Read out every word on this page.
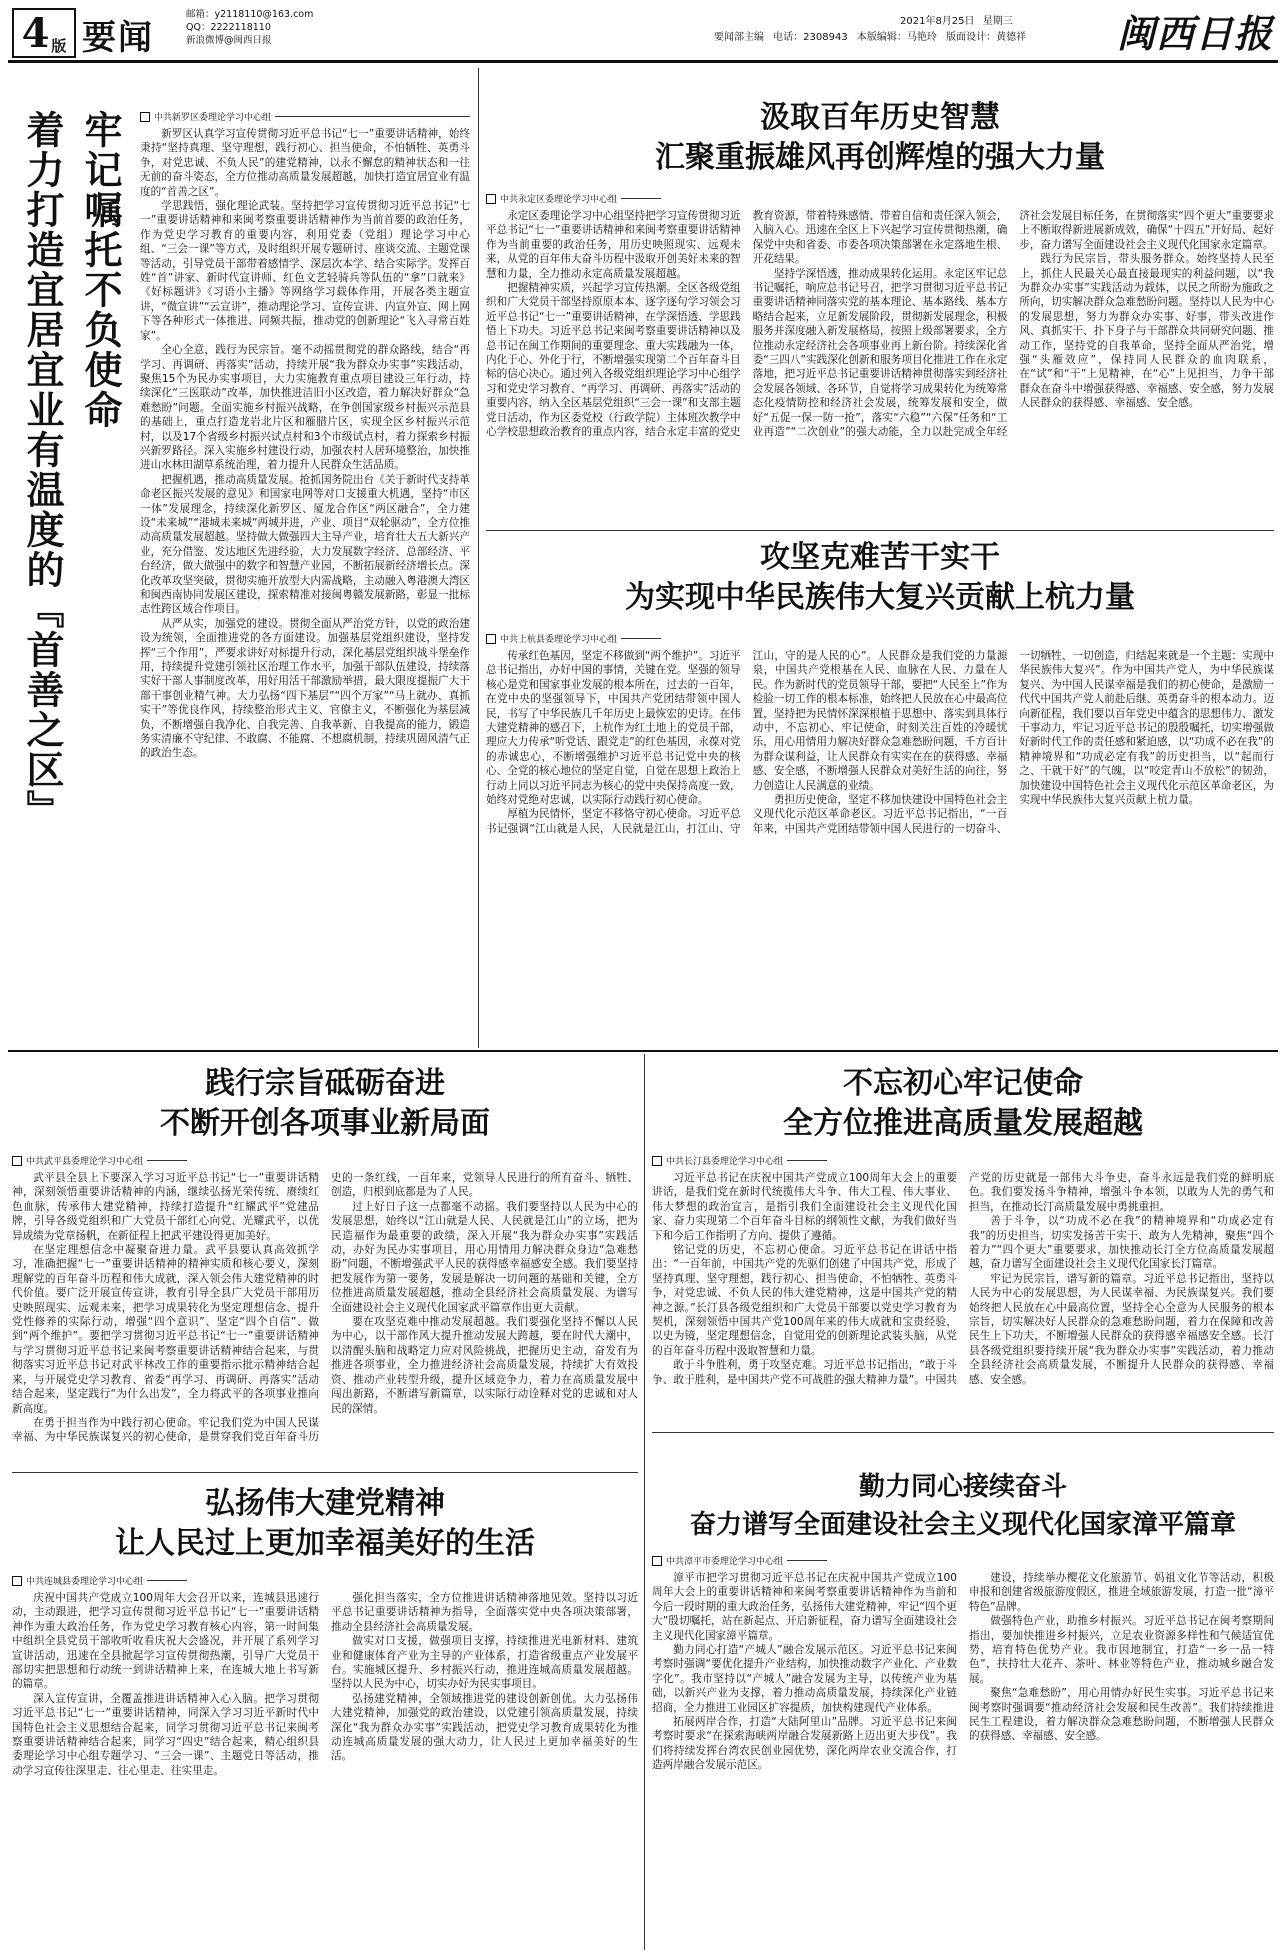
4 版 要闻
邮箱：y2118110@163.com
QQ：2222118110
新浪微博@闽西日报	要闻部主编 电话：2308943 本版编辑：马艳玲 版面设计：黄德祥
2021年8月25日 星期三	闽西日报
牢记嘱托不负使命
着力打造宜居宜业有温度的『首善之区』	中共新罗区委理论学习中心组

新罗区认真学习宣传贯彻习近平总书记“七一”重要讲话精神，始终秉持“坚持真理、坚守理想，践行初心、担当使命，不怕牺牲、英勇斗争，对党忠诚、不负人民”的建党精神，以永不懈怠的精神状态和一往无前的奋斗姿态，全方位推动高质量发展超越，加快打造宜居宜业有温度的“首善之区”。

学思践悟，强化理论武装。坚持把学习宣传贯彻习近平总书记“七一”重要讲话精神和来闽考察重要讲话精神作为当前首要的政治任务，作为党史学习教育的重要内容，利用党委（党组）理论学习中心组、“三会一课”等方式，及时组织开展专题研讨、座谈交流、主题党课等活动，引导党员干部带着感情学、深层次本学、结合实际学。发挥百姓“首”讲家、新时代宣讲师、红色文艺轻骑兵等队伍的“拿”口就来》《好标题讲》《习语小主播》等网络学习载体作用，开展各类主题宣讲，“微宣讲”“云宣讲”，推动理论学习、宣传宣讲、内宣外宣、网上网下等各种形式一体推进、同频共振，推动党的创新理论“飞入寻常百姓家”。

全心全意，践行为民宗旨。毫不动摇贯彻党的群众路线，结合“再学习、再调研、再落实”活动，持续开展“我为群众办实事”实践活动，聚焦15个为民办实事项目，大力实施教育重点项目建设三年行动，持续深化“三医联动”改革，加快推进洁旧小区改造，着力解决好群众“急难愁盼”问题。全面实施乡村振兴战略，在争创国家级乡村振兴示范县的基础上，重点打造龙岩北片区和雁腊片区，实现全区乡村振兴示范村，以及17个省级乡村振兴试点村和3个市级试点村，着力探索乡村振兴新罗路径。深入实施乡村建设行动，加强农村人居环境整治，加快推进山水林田湖草系统治理，着力提升人民群众生活品质。

把握机遇，推动高质量发展。抢抓国务院出台《关于新时代支持革命老区振兴发展的意见》和国家电网等对口支援重大机遇，坚持“市区一体”发展理念，持续深化新罗区、厦龙合作区“两区融合”，全力建设“未来城”“港城未来城”两城并进，产业、项目“双轮驱动”，全方位推动高质量发展超越。坚持做大做强四大主导产业，培育壮大五大新兴产业，充分借鉴、发达地区先进经验，大力发展数字经济、总部经济、平台经济，做大做强中的数字和智慧产业园，不断拓展新经济增长点。深化改革攻坚突破，贯彻实施开放型大内需战略，主动融入粤港澳大湾区和闽西南协同发展区建设，探索精准对接闽粤赣发展新路，彰显一批标志性跨区域合作项目。

从严从实，加强党的建设。贯彻全面从严治党方针，以党的政治建设为统领，全面推进党的各方面建设。加强基层党组织建设，坚持发挥“三个作用”，严要求讲好对标提升行动，深化基层党组织战斗堡垒作用，持续提升党建引领社区治理工作水平，加强干部队伍建设，持续落实好干部人事制度改革，用好用活干部激励举措，最大限度提振广大干部干事创业精气神。大力弘扬“四下基层”“四个万家”“马上就办、真抓实干”等优良作风，持续整治形式主义、官僚主义，不断强化为基层减负，不断增强自我净化、自我完善、自我革新、自我提高的能力，锻造务实清廉不守纪律、不敢腐、不能腐、不想腐机制，持续巩固风清气正的政治生态。

汲取百年历史智慧
汇聚重振雄风再创辉煌的强大力量
中共永定区委理论学习中心组

永定区委理论学习中心组坚持把学习宣传贯彻习近平总书记“七一”重要讲话精神和来闽考察重要讲话精神作为当前重要的政治任务，用历史映照现实、远观未来，从党的百年伟大奋斗历程中汲取开创美好未来的智慧和力量，全力推动永定高质量发展超越。

把握精神实质，兴起学习宣传热潮。全区各级党组织和广大党员干部坚持原原本本、逐字逐句学习领会习近平总书记“七一”重要讲话精神，在学深悟透、学思践悟上下功夫。习近平总书记来闽考察重要讲话精神以及总书记在闽工作期间的重要理念、重大实践融为一体，内化于心、外化于行，不断增强实现第二个百年奋斗目标的信心决心。通过列入各级党组织理论学习中心组学习和党史学习教育、“再学习、再调研、再落实”活动的重要内容，纳入全区基层党组织“三会一课”和支部主题党日活动，作为区委党校（行政学院）主体班次教学中心学校思想政治教育的重点内容，结合永定丰富的党史教育资源，带着特殊感情、带着自信和责任深入领会，入脑入心。迅速在全区上下兴起学习宣传贯彻热潮，确保党中央和省委、市委各项决策部署在永定落地生根、开花结果。

坚持学深悟透，推动成果转化运用。永定区牢记总书记嘱托，响应总书记号召，把学习贯彻习近平总书记重要讲话精神同落实党的基本理论、基本路线、基本方略结合起来，立足新发展阶段，贯彻新发展理念，积极服务并深度融入新发展格局，按照上级部署要求，全方位推动永定经济社会各项事业再上新台阶。持续深化省委“三四八”实践深化创新和服务项目化推进工作在永定落地，把习近平总书记重要讲话精神贯彻落实到经济社会发展各领域、各环节，自觉将学习成果转化为统筹常态化疫情防控和经济社会发展，统筹发展和安全，做好“五促一保一防一抢”，落实“六稳”“六保”任务和“工业再造”“二次创业”的强大动能，全力以赴完成全年经济社会发展目标任务，在贯彻落实“四个更大”重要要求上不断取得新进展新成效，确保“十四五”开好局、起好步，奋力谱写全面建设社会主义现代化国家永定篇章。

践行为民宗旨，带头服务群众。始终坚持人民至上，抓住人民最关心最直接最现实的利益问题，以“我为群众办实事”实践活动为载体，以民之所盼为施政之所向，切实解决群众急难愁盼问题。坚持以人民为中心的发展思想，努力为群众办实事、好事，带头改进作风、真抓实干、扑下身子与干部群众共同研究问题、推动工作，坚持党的自我革命，坚持全面从严治党，增强“头雁效应”，保持同人民群众的血肉联系，在“试”和“干”上见精神，在“心”上见担当，力争干部群众在奋斗中增强获得感、幸福感、安全感，努力发展人民群众的获得感、幸福感、安全感。

攻坚克难苦干实干
为实现中华民族伟大复兴贡献上杭力量
中共上杭县委理论学习中心组

传承红色基因，坚定不移做到“两个维护”。习近平总书记指出，办好中国的事情，关键在党。坚强的领导核心是党和国家事业发展的根本所在，过去的一百年，在党中央的坚强领导下，中国共产党团结带领中国人民，书写了中华民族几千年历史上最恢宏的史诗。在伟大建党精神的感召下，上杭作为红土地上的党员干部，理应大力传承“听党话、跟党走”的红色基因，永葆对党的赤诚忠心，不断增强维护习近平总书记党中央的核心、全党的核心地位的坚定自觉，自觉在思想上政治上行动上同以习近平同志为核心的党中央保持高度一致，始终对党绝对忠诚，以实际行动践行初心使命。

厚植为民情怀，坚定不移恪守初心使命。习近平总书记强调“江山就是人民，人民就是江山，打江山、守江山，守的是人民的心”。人民群众是我们党的力量源泉，中国共产党根基在人民、血脉在人民、力量在人民。作为新时代的党员领导干部，要把“人民至上”作为检验一切工作的根本标准，始终把人民放在心中最高位置，坚持把为民情怀深深根植于思想中、落实到具体行动中，不忘初心、牢记使命，时刻关注百姓的冷暖忧乐，用心用情用力解决好群众急难愁盼问题，千方百计为群众谋利益，让人民群众有实实在在的获得感、幸福感、安全感，不断增强人民群众对美好生活的向往，努力创造让人民满意的业绩。

勇担历史使命，坚定不移加快建设中国特色社会主义现代化示范区革命老区。习近平总书记指出，“一百年来，中国共产党团结带领中国人民进行的一切奋斗、一切牺牲、一切创造，归结起来就是一个主题：实现中华民族伟大复兴”。作为中国共产党人，为中华民族谋复兴、为中国人民谋幸福是我们的初心使命，是激励一代代中国共产党人前赴后继、英勇奋斗的根本动力。迈向新征程，我们要以百年党史中蕴含的思想伟力、激发干事动力，牢记习近平总书记的殷殷嘱托，切实增强做好新时代工作的责任感和紧迫感，以“功成不必在我”的精神境界和“功成必定有我”的历史担当，以“起而行之、干就干好”的气魄，以“咬定青山不放松”的韧劲，加快建设中国特色社会主义现代化示范区革命老区，为实现中华民族伟大复兴贡献上杭力量。

践行宗旨砥砺奋进
不断开创各项事业新局面
中共武平县委理论学习中心组

武平县全县上下要深入学习习近平总书记“七一”重要讲话精神，深刻领悟重要讲话精神的内涵，继续弘扬光荣传统、赓续红色血脉，传承伟大建党精神，持续打造提升“红耀武平”党建品牌，引导各级党组织和广大党员干部红心向党、光耀武平，以优异成绩为党章扬帆，在新征程上把武平建设得更加美好。

在坚定理想信念中凝聚奋进力量。武平县要认真高效抓学习，准确把握“七一”重要讲话精神的精神实质和核心要义，深刻理解党的百年奋斗历程和伟大成就，深入领会伟大建党精神的时代价值。要广泛开展宣传宣讲，教育引导全县广大党员干部用历史映照现实、远观未来，把学习成果转化为坚定理想信念、提升党性修养的实际行动，增强“四个意识”、坚定“四个自信”、做到“两个维护”。要把学习贯彻习近平总书记“七一”重要讲话精神与学习贯彻习近平总书记来闽考察重要讲话精神结合起来，与贯彻落实习近平总书记对武平林改工作的重要指示批示精神结合起来，与开展党史学习教育、省委“再学习、再调研、再落实”活动结合起来，坚定践行“为什么出发”，全力将武平的各项事业推向新高度。

在勇于担当作为中践行初心使命。牢记我们党为中国人民谋幸福、为中华民族谋复兴的初心使命，是贯穿我们党百年奋斗历史的一条红线，一百年来，党领导人民进行的所有奋斗、牺牲、创造，归根到底都是为了人民。

过上好日子这一点都毫不动摇。我们要坚持以人民为中心的发展思想，始终以“江山就是人民、人民就是江山”的立场，把为民造福作为最重要的政绩，深入开展“我为群众办实事”实践活动，办好为民办实事项目，用心用情用力解决群众身边“急难愁盼”问题，不断增强武平人民的获得感幸福感安全感。我们要坚持把发展作为第一要务，发展是解决一切问题的基础和关键，全方位推进高质量发展超越，推动全县经济社会高质量发展、为谱写全面建设社会主义现代化国家武平篇章作出更大贡献。

要在攻坚克难中推动发展超越。我们要强化坚持不懈以人民为中心，以干部作风大提升推动发展大跨越，要在时代大潮中，以清醒头脑和战略定力应对风险挑战，把握历史主动，奋发有为推进各项事业，全力推进经济社会高质量发展，持续扩大有效投资、推动产业转型升级，提升区域竞争力，着力在高质量发展中闯出新路，不断谱写新篇章，以实际行动诠释对党的忠诚和对人民的深情。

不忘初心牢记使命
全方位推进高质量发展超越
中共长汀县委理论学习中心组

习近平总书记在庆祝中国共产党成立100周年大会上的重要讲话，是我们党在新时代统揽伟大斗争、伟大工程、伟大事业、伟大梦想的政治宣言，是指引我们全面建设社会主义现代化国家、奋力实现第二个百年奋斗目标的纲领性文献，为我们做好当下和今后工作指明了方向、提供了遵循。

铭记党的历史，不忘初心使命。习近平总书记在讲话中指出：“一百年前，中国共产党的先驱们创建了中国共产党，形成了坚持真理、坚守理想，践行初心、担当使命，不怕牺牲、英勇斗争，对党忠诚、不负人民的伟大建党精神，这是中国共产党的精神之源。”长汀县各级党组织和广大党员干部要以党史学习教育为契机，深刻领悟中国共产党100周年来的伟大成就和宝贵经验，以史为镜，坚定理想信念，自觉用党的创新理论武装头脑，从党的百年奋斗历程中汲取智慧和力量。

敢于斗争胜利，勇于攻坚克难。习近平总书记指出，“敢于斗争、敢于胜利，是中国共产党不可战胜的强大精神力量”。中国共产党的历史就是一部伟大斗争史，奋斗永远是我们党的鲜明底色。我们要发扬斗争精神，增强斗争本领，以敢为人先的勇气和担当，在推动长汀高质量发展中勇挑重担。

善于斗争，以“功成不必在我”的精神境界和“功成必定有我”的历史担当，切实发扬苦干实干、敢为人先精神，聚焦“四个着力”“四个更大”重要要求，加快推动长汀全方位高质量发展超越，奋力谱写全面建设社会主义现代化国家长汀篇章。

牢记为民宗旨，谱写新的篇章。习近平总书记指出，坚持以人民为中心的发展思想，为人民谋幸福、为民族谋复兴。我们要始终把人民放在心中最高位置，坚持全心全意为人民服务的根本宗旨，切实解决好人民群众的急难愁盼问题，着力在保障和改善民生上下功夫，不断增强人民群众的获得感幸福感安全感。长汀县各级党组织要持续开展“我为群众办实事”实践活动，着力推动全县经济社会高质量发展，不断提升人民群众的获得感、幸福感、安全感。

弘扬伟大建党精神
让人民过上更加幸福美好的生活
中共连城县委理论学习中心组

庆祝中国共产党成立100周年大会召开以来，连城县迅速行动，主动跟进，把学习宣传贯彻习近平总书记“七一”重要讲话精神作为重大政治任务，作为党史学习教育核心内容，第一时间集中组织全县党员干部收听收看庆祝大会盛况，并开展了系列学习宣讲活动，迅速在全县掀起学习宣传贯彻热潮，引导广大党员干部切实把思想和行动统一到讲话精神上来，在连城大地上书写新的篇章。

深入宣传宣讲，全覆盖推进讲话精神入心入脑。把学习贯彻习近平总书记“七一”重要讲话精神，同深入学习习近平新时代中国特色社会主义思想结合起来，同学习贯彻习近平总书记来闽考察重要讲话精神结合起来，同学习“四史”结合起来，精心组织县委理论学习中心组专题学习、“三会一课”、主题党日等活动，推动学习宣传往深里走、往心里走、往实里走。

强化担当落实，全方位推进讲话精神落地见效。坚持以习近平总书记重要讲话精神为指导，全面落实党中央各项决策部署，推动全县经济社会高质量发展。

做实对口支援，做强项目支撑，持续推进光电新材料、建筑业和健康体育产业为主导的产业体系，打造省级重点产业发展平台。实施城区提升、乡村振兴行动，推进连城高质量发展超越。坚持以人民为中心，切实办好为民实事项目。

弘扬建党精神，全领域推进党的建设创新创优。大力弘扬伟大建党精神，加强党的政治建设，以党建引领高质量发展，持续深化“我为群众办实事”实践活动，把党史学习教育成果转化为推动连城高质量发展的强大动力，让人民过上更加幸福美好的生活。

勤力同心接续奋斗
奋力谱写全面建设社会主义现代化国家漳平篇章
中共漳平市委理论学习中心组

漳平市把学习贯彻习近平总书记在庆祝中国共产党成立100周年大会上的重要讲话精神和来闽考察重要讲话精神作为当前和今后一段时期的重大政治任务，弘扬伟大建党精神，牢记“四个更大”殷切嘱托，站在新起点、开启新征程，奋力谱写全面建设社会主义现代化国家漳平篇章。

勤力同心打造“产城人”融合发展示范区。习近平总书记来闽考察时强调“要优化提升产业结构，加快推动数字产业化、产业数字化”。我市坚持以“产城人”融合发展为主导，以传统产业为基础，以新兴产业为支撑，着力推动高质量发展，持续深化产业链招商，全力推进工业园区扩容提质，加快构建现代产业体系。

拓展两岸合作，打造“大陆阿里山”品牌。习近平总书记来闽考察时要求“在探索海峡两岸融合发展新路上迈出更大步伐”。我们将持续发挥台湾农民创业园优势，深化两岸农业交流合作，打造两岸融合发展示范区。

建设，持续举办樱花文化旅游节、妈祖文化节等活动，积极申报和创建省级旅游度假区，推进全域旅游发展，打造一批“漳平特色”品牌。

做强特色产业，助推乡村振兴。习近平总书记在闽考察期间指出，要加快推进乡村振兴，立足农业资源多样性和气候适宜优势，培育特色优势产业。我市因地制宜，打造“一乡一品一特色”，扶持壮大花卉、茶叶、林业等特色产业，推动城乡融合发展。

聚焦“急难愁盼”，用心用情办好民生实事。习近平总书记来闽考察时强调要“推动经济社会发展和民生改善”。我们持续推进民生工程建设，着力解决群众急难愁盼问题，不断增强人民群众的获得感、幸福感、安全感。
